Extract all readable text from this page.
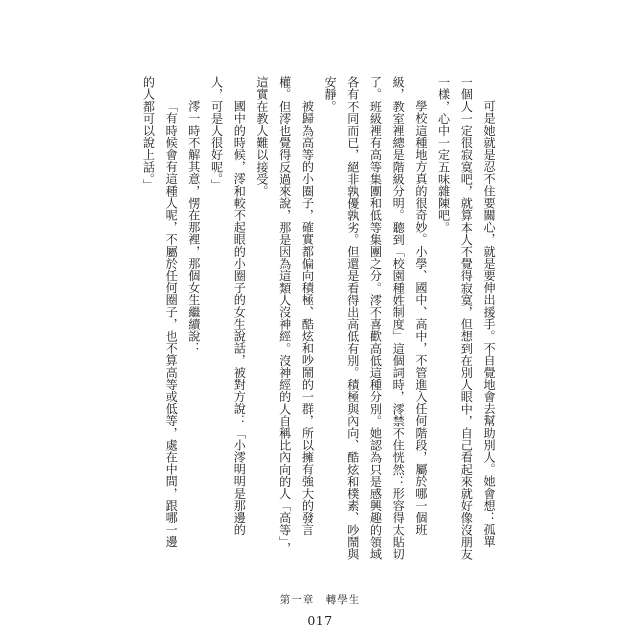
可是她就是忍不住要關心，就是要伸出援手。不自覺地會去幫助別人。她會想：孤單
一個人一定很寂寞吧，就算本人不覺得寂寞，但想到在別人眼中，自己看起來就好像沒朋友
一樣，心中一定五味雜陳吧。
學校這種地方真的很奇妙。小學、國中、高中，不管進入任何階段，屬於哪一個班
級，教室裡總是階級分明。聽到「校園種姓制度」這個詞時，澪禁不住恍然：形容得太貼切
了。班級裡有高等集團和低等集團之分。澪不喜歡高低這種分別。她認為只是感興趣的領域
各有不同而已，絕非孰優孰劣。但還是看得出高低有別。積極與內向、酷炫和樸素、吵鬧與
安靜。
被歸為高等的小圈子，確實都偏向積極、酷炫和吵鬧的一群，所以擁有強大的發言
權。但澪也覺得反過來說，那是因為這類人沒神經。沒神經的人自稱比內向的人「高等」，
這實在教人難以接受。
國中的時候，澪和較不起眼的小圈子的女生說話，被對方說：「小澪明明是那邊的
人，可是人很好呢。」
澪一時不解其意，愣在那裡，那個女生繼續說：
「有時候會有這種人呢，不屬於任何圈子，也不算高等或低等，處在中間，跟哪一邊
的人都可以說上話。」
第一章　轉學生
017
